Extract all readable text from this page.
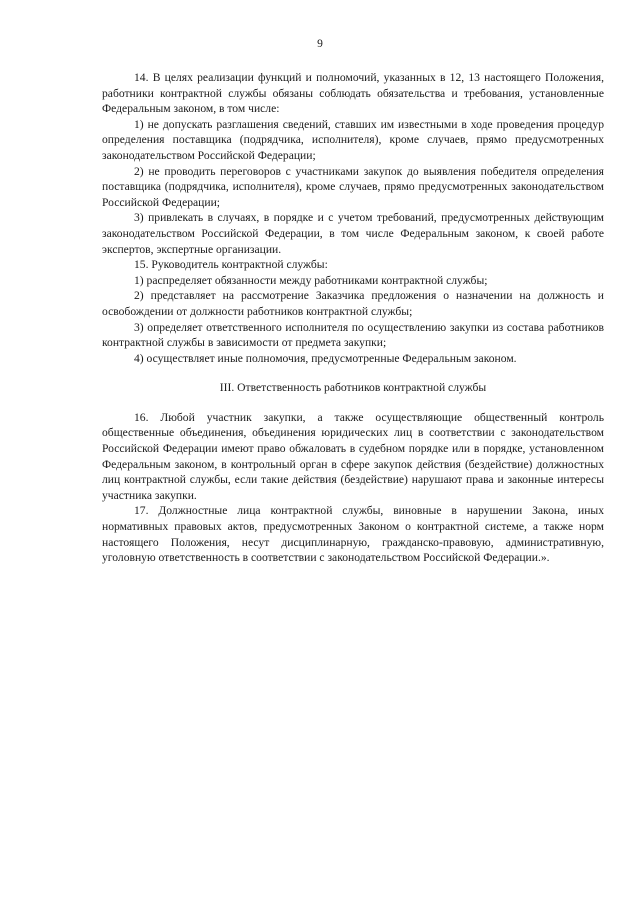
9

14. В целях реализации функций и полномочий, указанных в 12, 13 настоящего Положения, работники контрактной службы обязаны соблюдать обязательства и требования, установленные Федеральным законом, в том числе:

1) не допускать разглашения сведений, ставших им известными в ходе проведения процедур определения поставщика (подрядчика, исполнителя), кроме случаев, прямо предусмотренных законодательством Российской Федерации;

2) не проводить переговоров с участниками закупок до выявления победителя определения поставщика (подрядчика, исполнителя), кроме случаев, прямо предусмотренных законодательством Российской Федерации;

3) привлекать в случаях, в порядке и с учетом требований, предусмотренных действующим законодательством Российской Федерации, в том числе Федеральным законом, к своей работе экспертов, экспертные организации.

15. Руководитель контрактной службы:

1) распределяет обязанности между работниками контрактной службы;

2) представляет на рассмотрение Заказчика предложения о назначении на должность и освобождении от должности работников контрактной службы;

3) определяет ответственного исполнителя по осуществлению закупки из состава работников контрактной службы в зависимости от предмета закупки;

4) осуществляет иные полномочия, предусмотренные Федеральным законом.

III. Ответственность работников контрактной службы

16. Любой участник закупки, а также осуществляющие общественный контроль общественные объединения, объединения юридических лиц в соответствии с законодательством Российской Федерации имеют право обжаловать в судебном порядке или в порядке, установленном Федеральным законом, в контрольный орган в сфере закупок действия (бездействие) должностных лиц контрактной службы, если такие действия (бездействие) нарушают права и законные интересы участника закупки.

17. Должностные лица контрактной службы, виновные в нарушении Закона, иных нормативных правовых актов, предусмотренных Законом о контрактной системе, а также норм настоящего Положения, несут дисциплинарную, гражданско-правовую, административную, уголовную ответственность в соответствии с законодательством Российской Федерации.».
